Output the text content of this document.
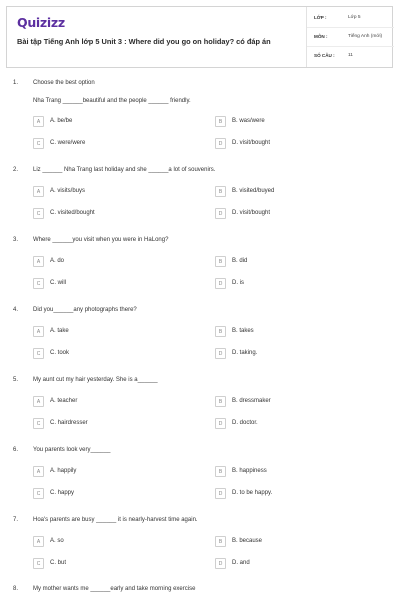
Quizizz
Bài tập Tiếng Anh lớp 5 Unit 3 : Where did you go on holiday? có đáp án
LỚP :	Lớp 5
MÔN :	Tiếng Anh (mới)
SỐ CÂU :	11
1. Choose the best option
Nha Trang ______beautiful and the people ______ friendly.
A	A. be/be	B	B. was/were
C	C. were/were	D	D. visit/bought
2. Liz ______ Nha Trang last holiday and she ______a lot of souvenirs.
A	A. visits/buys	B	B. visited/buyed
C	C. visited/bought	D	D. visit/bought
3. Where ______you visit when you were in HaLong?
A	A. do	B	B. did
C	C. will	D	D. is
4. Did you______any photographs there?
A	A. take	B	B. takes
C	C. took	D	D. taking.
5. My aunt cut my hair yesterday. She is a______
A	A. teacher	B	B. dressmaker
C	C. hairdresser	D	D. doctor.
6. You parents look very______
A	A. happily	B	B. happiness
C	C. happy	D	D. to be happy.
7. Hoa's parents are busy ______ it is nearly-harvest time again.
A	A. so	B	B. because
C	C. but	D	D. and
8. My mother wants me ______early and take morning exercise
